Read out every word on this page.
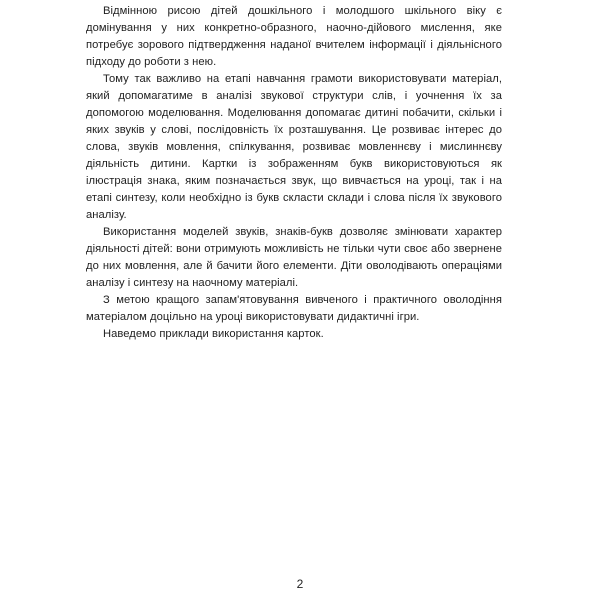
Відмінною рисою дітей дошкільного і молодшого шкільного віку є домінування у них конкретно-образного, наочно-дійового мислення, яке потребує зорового підтвердження наданої вчителем інформації і діяльнісного підходу до роботи з нею.

Тому так важливо на етапі навчання грамоти використовувати матеріал, який допомагатиме в аналізі звукової структури слів, і уочнення їх за допомогою моделювання. Моделювання допомагає дитині побачити, скільки і яких звуків у слові, послідовність їх розташування. Це розвиває інтерес до слова, звуків мовлення, спілкування, розвиває мовленнєву і мислиннєву діяльність дитини. Картки із зображенням букв використовуються як ілюстрація знака, яким позначається звук, що вивчається на уроці, так і на етапі синтезу, коли необхідно із букв скласти склади і слова після їх звукового аналізу.

Використання моделей звуків, знаків-букв дозволяє змінювати характер діяльності дітей: вони отримують можливість не тільки чути своє або звернене до них мовлення, але й бачити його елементи. Діти оволодівають операціями аналізу і синтезу на наочному матеріалі.

З метою кращого запам'ятовування вивченого і практичного оволодіння матеріалом доцільно на уроці використовувати дидактичні ігри.

Наведемо приклади використання карток.

2
